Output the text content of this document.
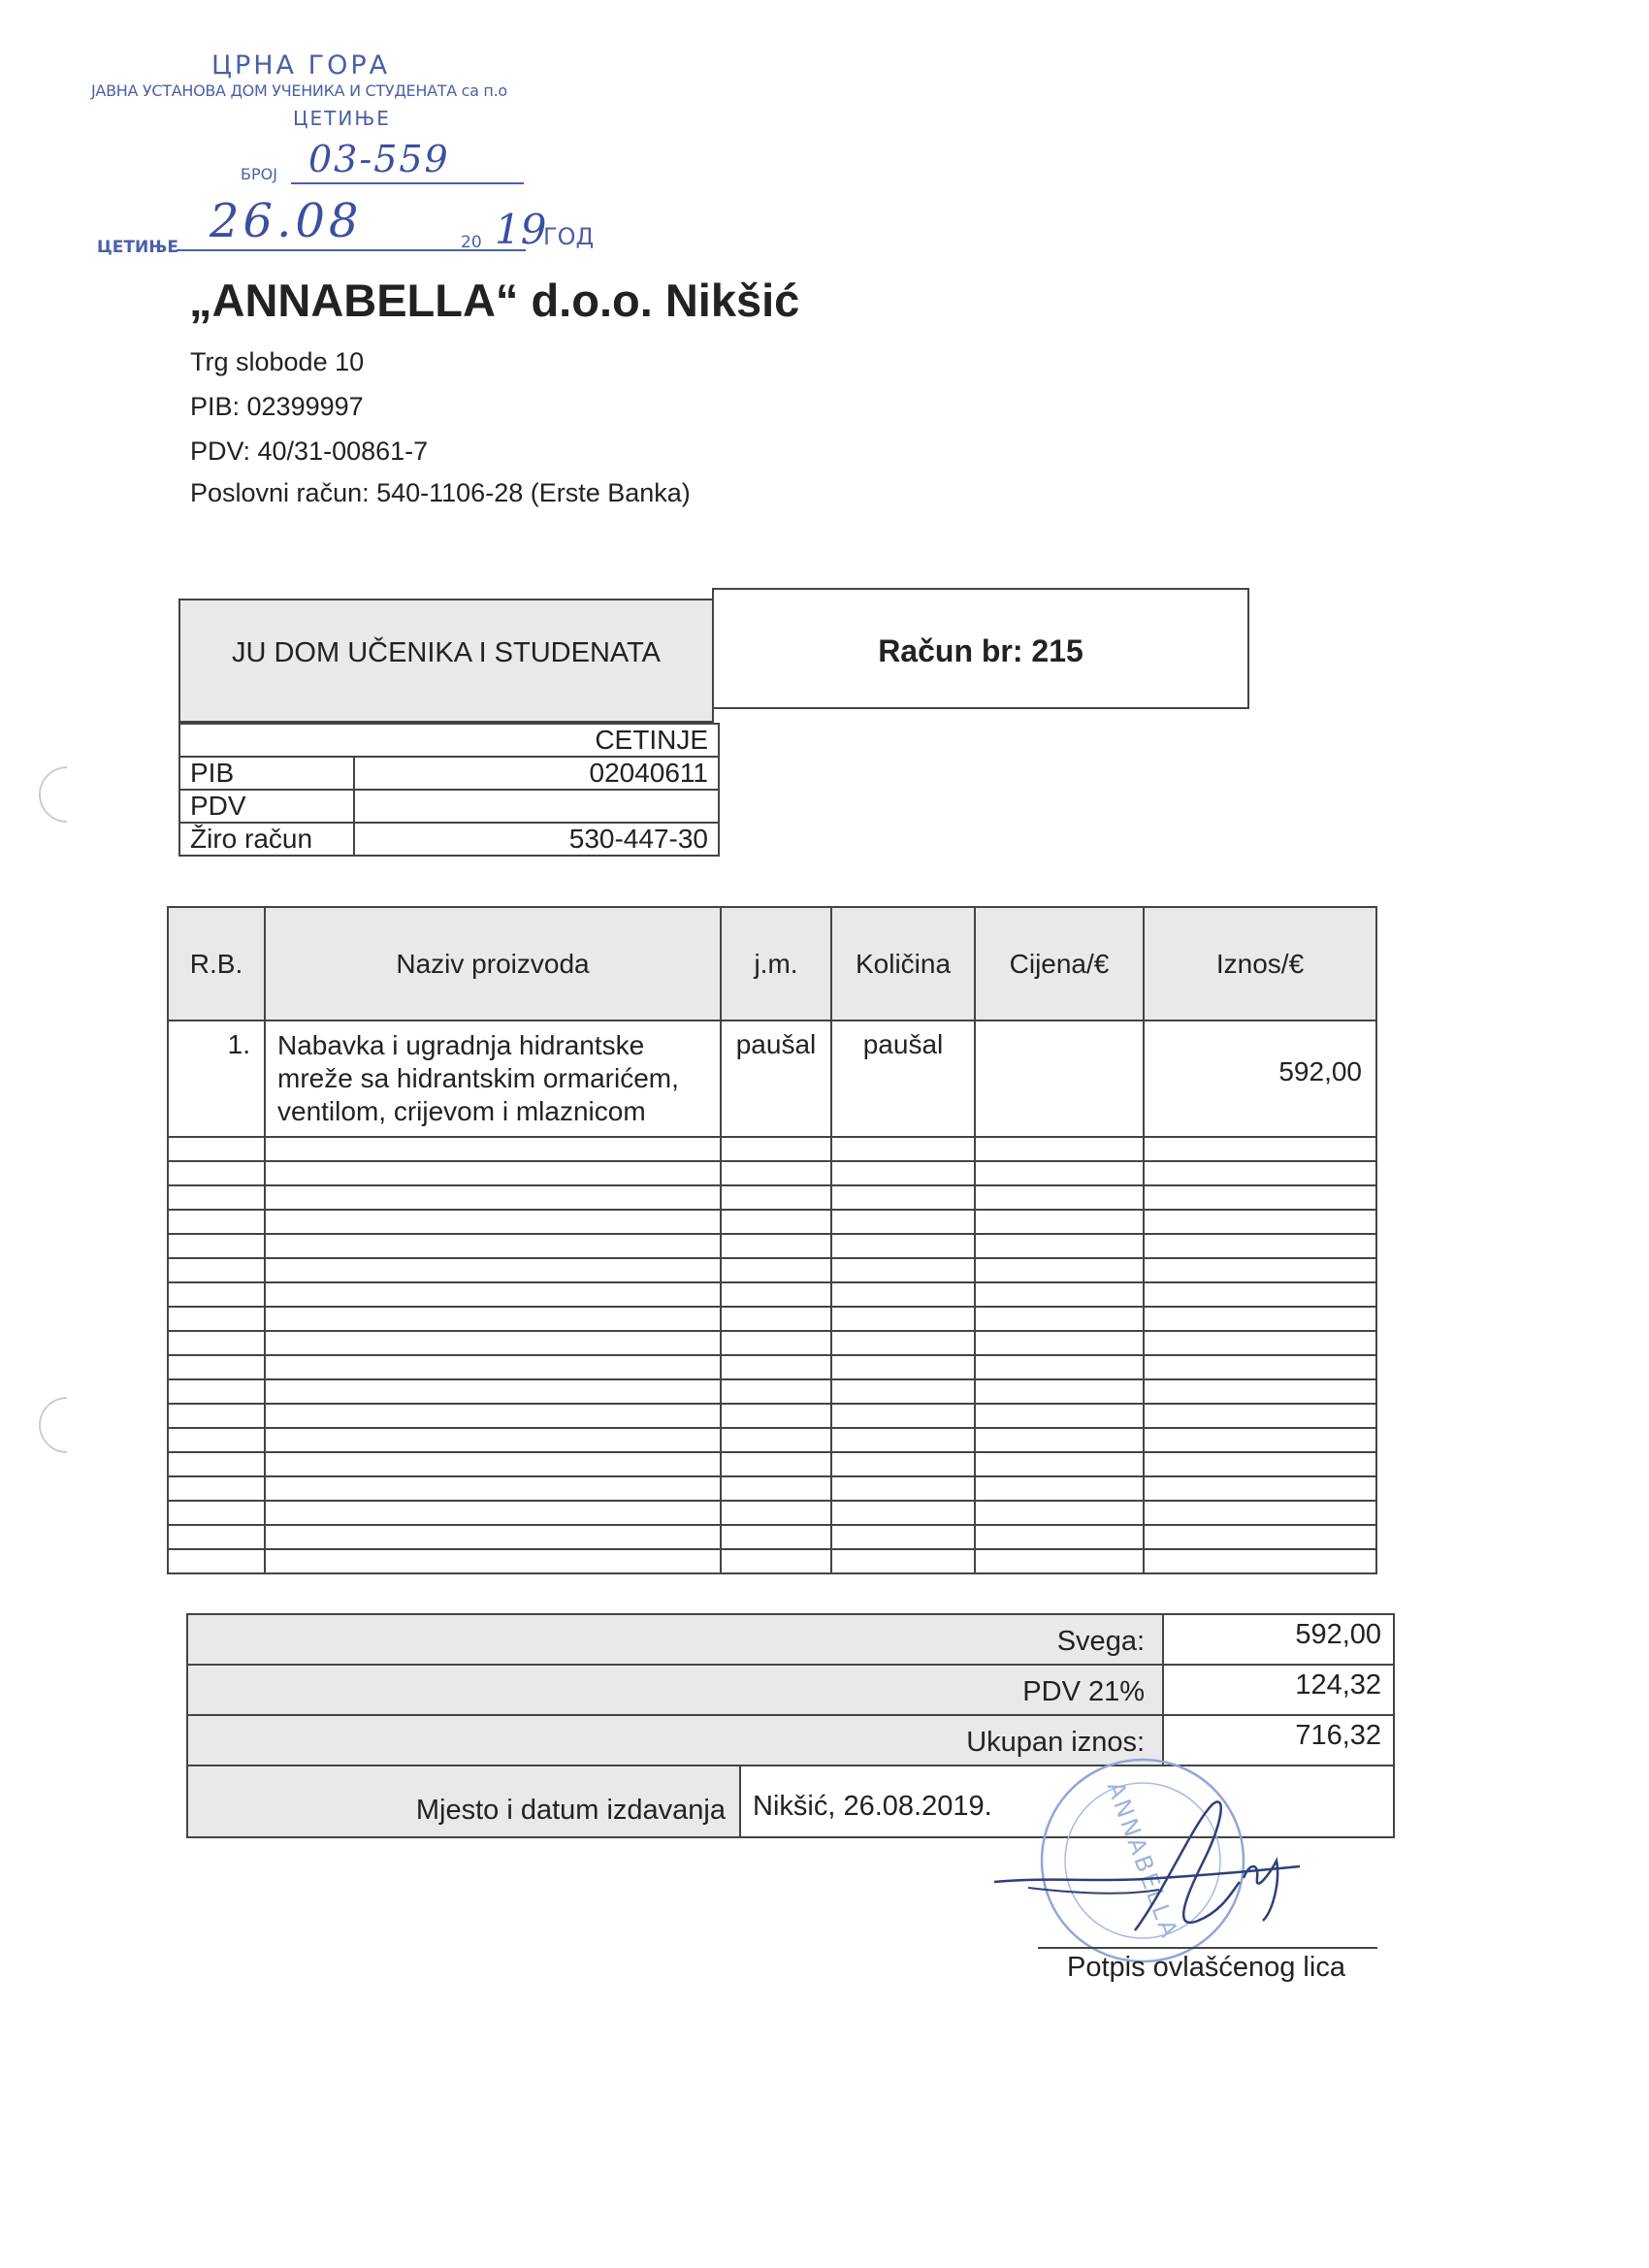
ЦРНА ГОРА
ЈАВНА УСТАНОВА ДОМ УЧЕНИКА И СТУДЕНАТА са п.о
ЦЕТИЊЕ
БРОЈ 03-559
ЦЕТИЊЕ 26.08	20 19
ГОД
„ANNABELLA“ d.o.o. Nikšić
Trg slobode 10
PIB: 02399997
PDV: 40/31-00861-7
Poslovni račun: 540-1106-28 (Erste Banka)
JU DOM UČENIKA I STUDENATA	Račun br: 215
CETINJE	
PIB	02040611
PDV	
Žiro račun	530-447-30
R.B.	Naziv proizvoda	j.m.	Količina	Cijena/€	Iznos/€
1.	Nabavka i ugradnja hidrantske
mreže sa hidrantskim ormarićem,
ventilom, crijevom i mlaznicom	paušal	paušal		592,00

Svega:		592,00
PDV 21%		124,32
Ukupan iznos:		716,32
Mjesto i datum izdavanja	Nikšić, 26.08.2019.		ANNABELLA
Potpis ovlašćenog lica
